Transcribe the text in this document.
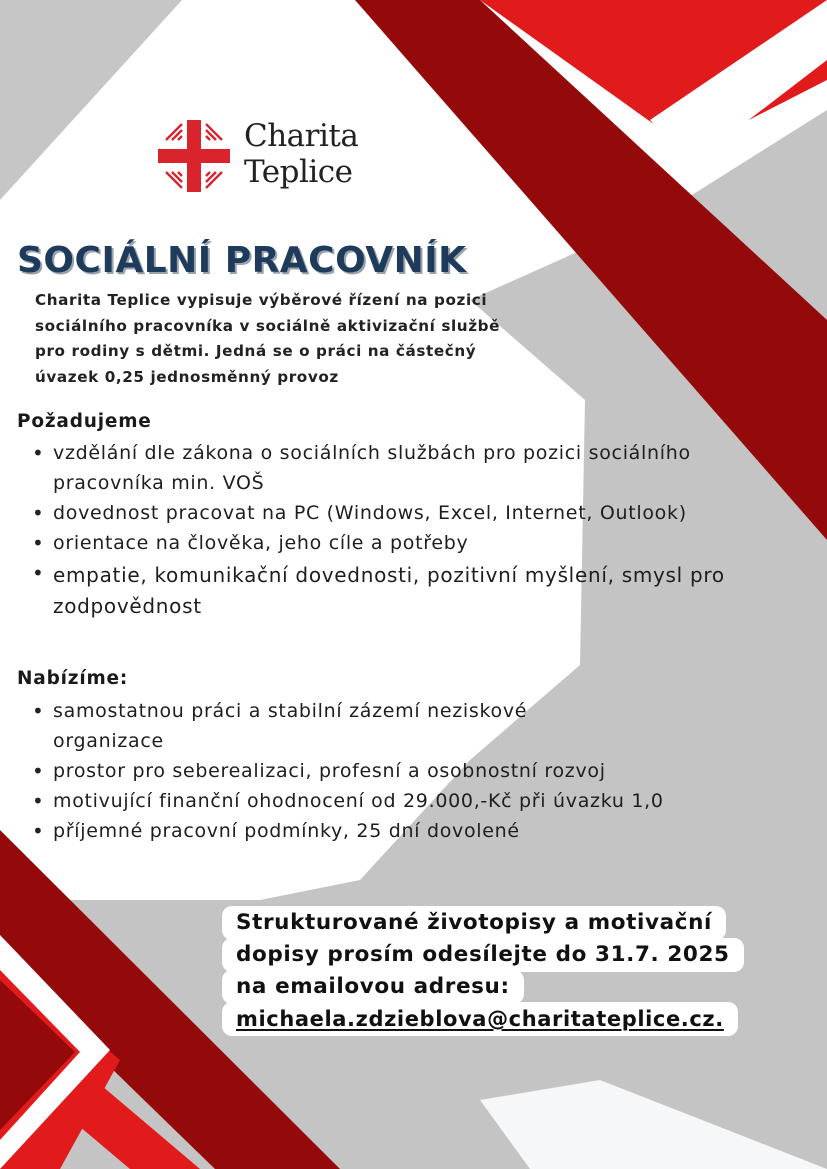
Charita
Teplice
SOCIÁLNÍ PRACOVNÍK

Charita Teplice vypisuje výběrové řízení na pozici sociálního pracovníka v sociálně aktivizační službě pro rodiny s dětmi. Jedná se o práci na částečný úvazek 0,25 jednosměnný provoz

Požadujeme
• vzdělání dle zákona o sociálních službách pro pozici sociálního pracovníka min. VOŠ
• dovednost pracovat na PC (Windows, Excel, Internet, Outlook)
• orientace na člověka, jeho cíle a potřeby
• empatie, komunikační dovednosti, pozitivní myšlení, smysl pro zodpovědnost
Nabízíme:
• samostatnou práci a stabilní zázemí neziskové organizace
• prostor pro seberealizaci, profesní a osobnostní rozvoj
• motivující finanční ohodnocení od 29.000,-Kč při úvazku 1,0
• příjemné pracovní podmínky, 25 dní dovolené
Strukturované životopisy a motivační
dopisy prosím odesílejte do 31.7. 2025
na emailovou adresu:
michaela.zdzieblova@charitateplice.cz.
